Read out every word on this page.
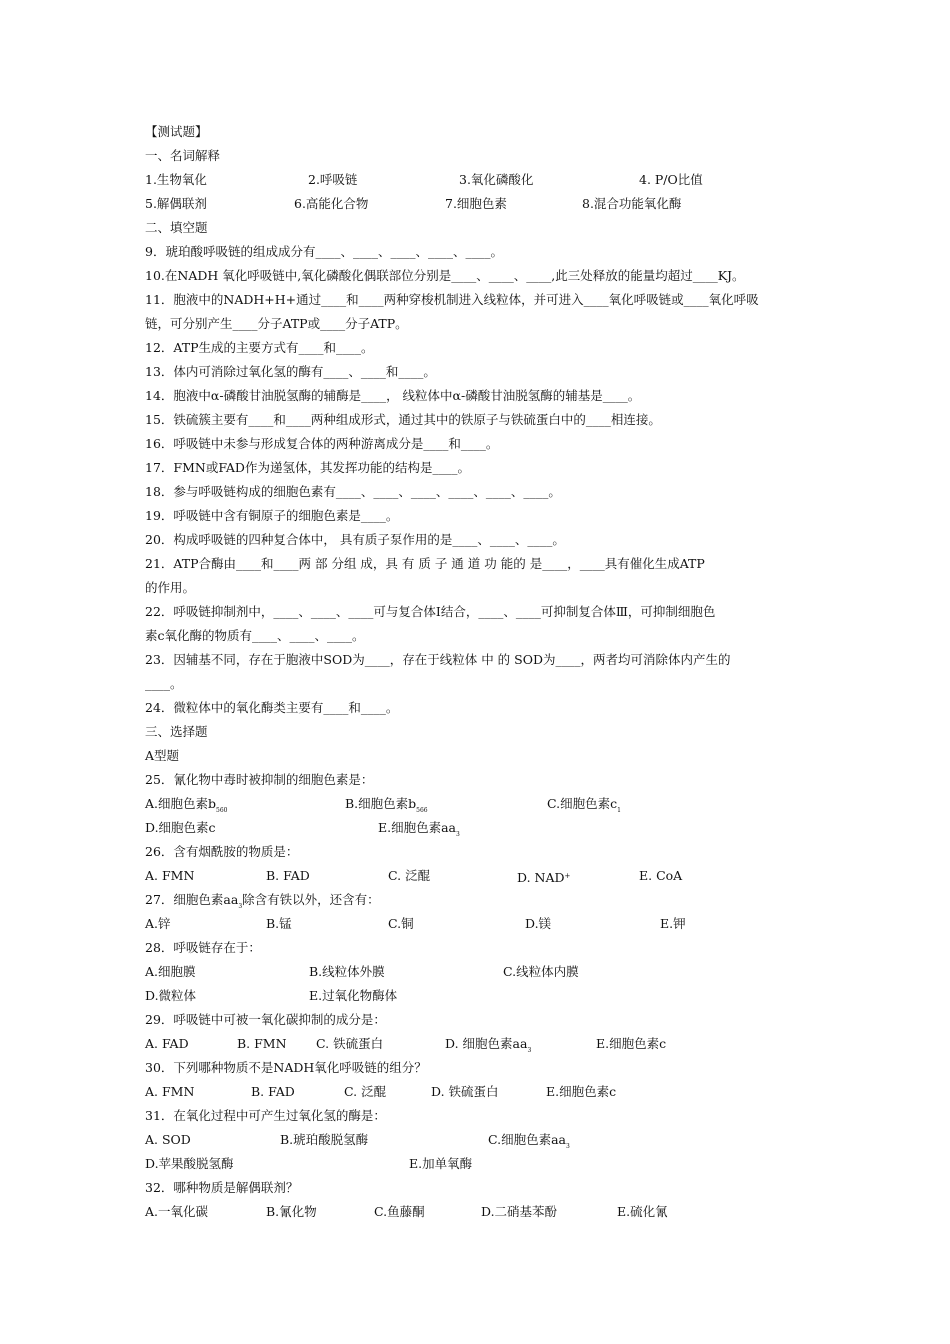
【测试题】
一、名词解释
1.生物氧化	2.呼吸链	3.氧化磷酸化	4. P/O比值
5.解偶联剂	6.高能化合物	7.细胞色素	8.混合功能氧化酶
二、填空题
9．琥珀酸呼吸链的组成成分有____、____、____、____、____。
10.在NADH 氧化呼吸链中,氧化磷酸化偶联部位分别是____、____、____,此三处释放的能量均超过____KJ。
11．胞液中的NADH+H+通过____和____两种穿梭机制进入线粒体，并可进入____氧化呼吸链或____氧化呼吸
链，可分别产生____分子ATP或____分子ATP。
12．ATP生成的主要方式有____和____。
13．体内可消除过氧化氢的酶有____、____和____。
14．胞液中α-磷酸甘油脱氢酶的辅酶是____， 线粒体中α-磷酸甘油脱氢酶的辅基是____。
15．铁硫簇主要有____和____两种组成形式，通过其中的铁原子与铁硫蛋白中的____相连接。
16．呼吸链中未参与形成复合体的两种游离成分是____和____。
17．FMN或FAD作为递氢体，其发挥功能的结构是____。
18．参与呼吸链构成的细胞色素有____、____、____、____、____、____。
19．呼吸链中含有铜原子的细胞色素是____。
20．构成呼吸链的四种复合体中， 具有质子泵作用的是____、____、____。
21．ATP合酶由____和____两 部 分组 成，具 有 质 子 通 道 功 能的 是____，____具有催化生成ATP
的作用。
22．呼吸链抑制剂中，____、____、____可与复合体Ⅰ结合，____、____可抑制复合体Ⅲ，可抑制细胞色
素c氧化酶的物质有____、____、____。
23．因辅基不同，存在于胞液中SOD为____，存在于线粒体 中 的 SOD为____，两者均可消除体内产生的
____。
24．微粒体中的氧化酶类主要有____和____。
三、选择题
A型题
25．氰化物中毒时被抑制的细胞色素是：
A.细胞色素$b_{560}$	B.细胞色素$b_{566}$	C.细胞色素$c_1$
D.细胞色素c	E.细胞色素$aa_3$
26．含有烟酰胺的物质是：
A. FMN	B. FAD	C. 泛醌	D. NAD+	E. CoA
27．细胞色素$aa_3$除含有铁以外，还含有：
A.锌	B.锰	C.铜	D.镁	E.钾
28．呼吸链存在于：
A.细胞膜	B.线粒体外膜	C.线粒体内膜
D.微粒体	E.过氧化物酶体
29．呼吸链中可被一氧化碳抑制的成分是：
A. FAD	B. FMN C. 铁硫蛋白	D. 细胞色素$aa_3$	E.细胞色素c
30．下列哪种物质不是NADH氧化呼吸链的组分？
A. FMN	B. FAD	C. 泛醌	D. 铁硫蛋白	E.细胞色素c
31．在氧化过程中可产生过氧化氢的酶是：
A. SOD	B.琥珀酸脱氢酶	C.细胞色素$aa_3$
D.苹果酸脱氢酶	E.加单氧酶
32．哪种物质是解偶联剂？
A.一氧化碳	B.氰化物	C.鱼藤酮	D.二硝基苯酚	E.硫化氰
